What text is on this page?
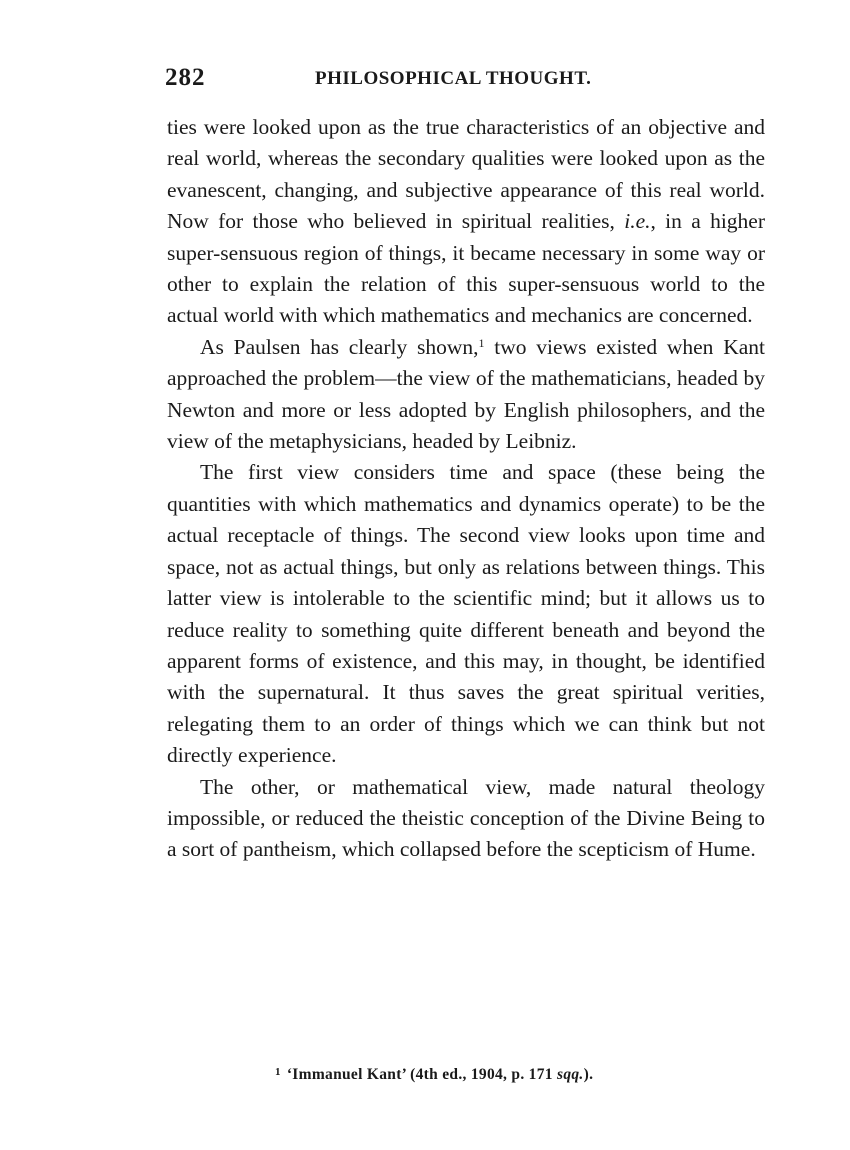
282	PHILOSOPHICAL THOUGHT.

ties were looked upon as the true characteristics of an objective and real world, whereas the secondary qualities were looked upon as the evanescent, changing, and subjective appearance of this real world. Now for those who believed in spiritual realities, i.e., in a higher super-sensuous region of things, it became necessary in some way or other to explain the relation of this super-sensuous world to the actual world with which mathematics and mechanics are concerned.

As Paulsen has clearly shown,$^1$ two views existed when Kant approached the problem—the view of the mathematicians, headed by Newton and more or less adopted by English philosophers, and the view of the metaphysicians, headed by Leibniz.

The first view considers time and space (these being the quantities with which mathematics and dynamics operate) to be the actual receptacle of things. The second view looks upon time and space, not as actual things, but only as relations between things. This latter view is intolerable to the scientific mind; but it allows us to reduce reality to something quite different beneath and beyond the apparent forms of existence, and this may, in thought, be identified with the supernatural. It thus saves the great spiritual verities, relegating them to an order of things which we can think but not directly experience.

The other, or mathematical view, made natural theology impossible, or reduced the theistic conception of the Divine Being to a sort of pantheism, which collapsed before the scepticism of Hume.

$^1$ ‘Immanuel Kant’ (4th ed., 1904, p. 171 sqq.).
